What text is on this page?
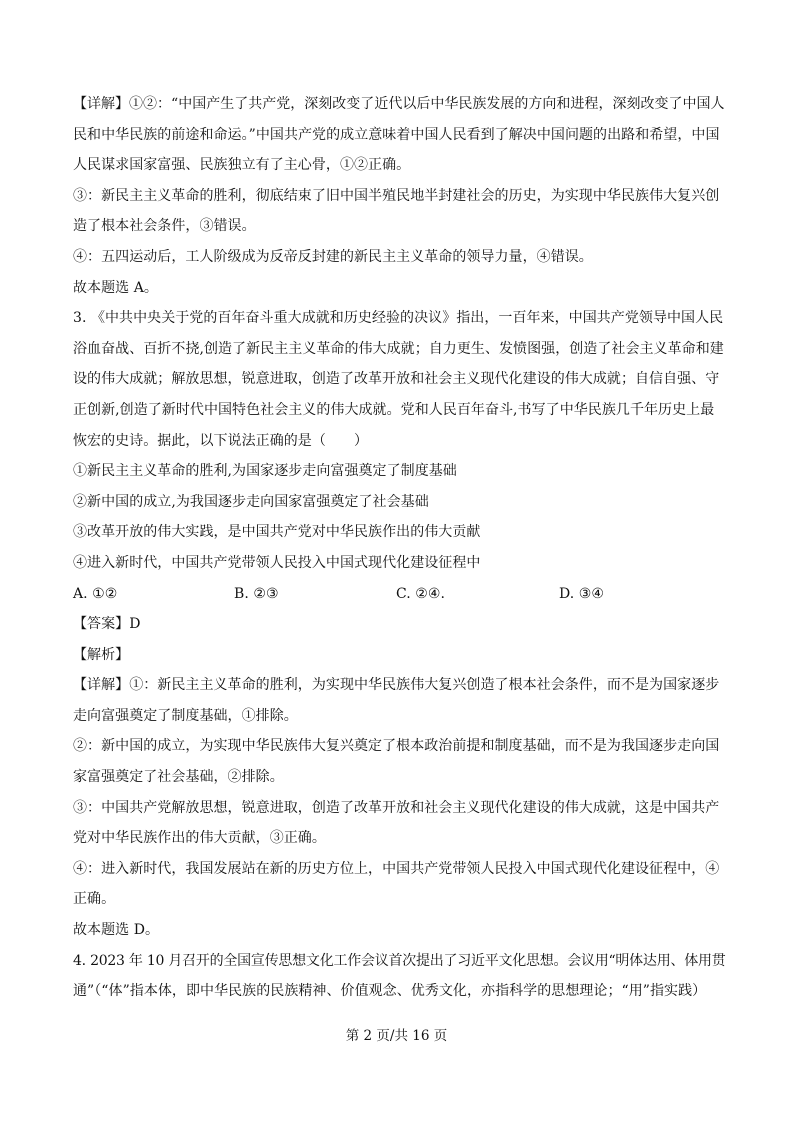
【详解】①②：“中国产生了共产党，深刻改变了近代以后中华民族发展的方向和进程，深刻改变了中国人
民和中华民族的前途和命运。”中国共产党的成立意味着中国人民看到了解决中国问题的出路和希望，中国
人民谋求国家富强、民族独立有了主心骨，①②正确。
③：新民主主义革命的胜利，彻底结束了旧中国半殖民地半封建社会的历史，为实现中华民族伟大复兴创
造了根本社会条件，③错误。
④：五四运动后，工人阶级成为反帝反封建的新民主主义革命的领导力量，④错误。
故本题选 A。
3. 《中共中央关于党的百年奋斗重大成就和历史经验的决议》指出，一百年来，中国共产党领导中国人民
浴血奋战、百折不挠,创造了新民主主义革命的伟大成就；自力更生、发愤图强，创造了社会主义革命和建
设的伟大成就；解放思想，锐意进取，创造了改革开放和社会主义现代化建设的伟大成就；自信自强、守
正创新,创造了新时代中国特色社会主义的伟大成就。党和人民百年奋斗,书写了中华民族几千年历史上最
恢宏的史诗。据此，以下说法正确的是（　　）
①新民主主义革命的胜利,为国家逐步走向富强奠定了制度基础
②新中国的成立,为我国逐步走向国家富强奠定了社会基础
③改革开放的伟大实践，是中国共产党对中华民族作出的伟大贡献
④进入新时代，中国共产党带领人民投入中国式现代化建设征程中
A. ①②	B. ②③	C. ②④.	D. ③④
【答案】D
【解析】
【详解】①：新民主主义革命的胜利，为实现中华民族伟大复兴创造了根本社会条件，而不是为国家逐步
走向富强奠定了制度基础，①排除。
②：新中国的成立，为实现中华民族伟大复兴奠定了根本政治前提和制度基础，而不是为我国逐步走向国
家富强奠定了社会基础，②排除。
③：中国共产党解放思想，锐意进取，创造了改革开放和社会主义现代化建设的伟大成就，这是中国共产
党对中华民族作出的伟大贡献，③正确。
④：进入新时代，我国发展站在新的历史方位上，中国共产党带领人民投入中国式现代化建设征程中，④
正确。
故本题选 D。
4. 2023 年 10 月召开的全国宣传思想文化工作会议首次提出了习近平文化思想。会议用“明体达用、体用贯
通”（“体”指本体，即中华民族的民族精神、价值观念、优秀文化，亦指科学的思想理论；“用”指实践）
第 2 页/共 16 页
